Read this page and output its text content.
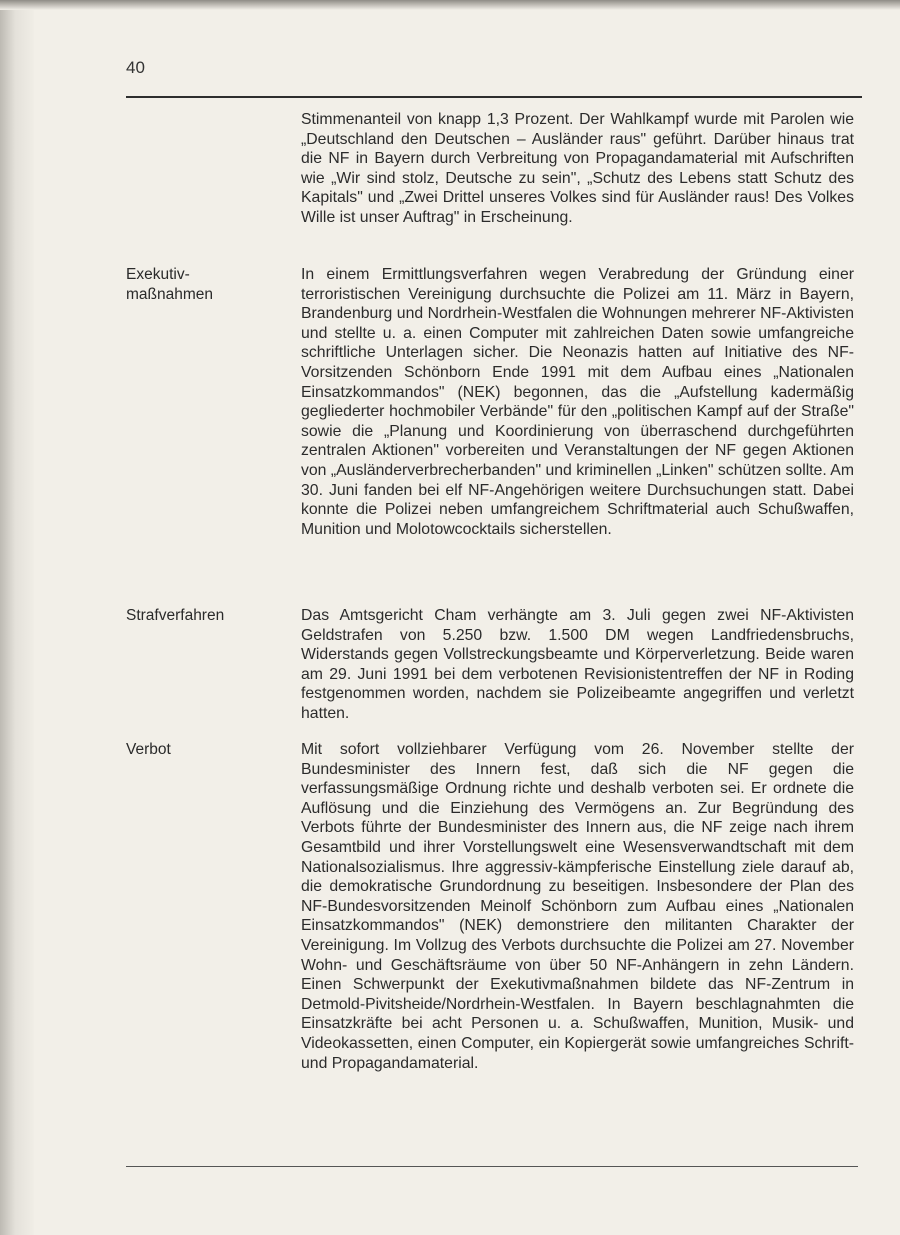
40

Stimmenanteil von knapp 1,3 Prozent. Der Wahlkampf wurde mit Parolen wie „Deutschland den Deutschen – Ausländer raus" geführt. Darüber hinaus trat die NF in Bayern durch Verbreitung von Propagandamaterial mit Aufschriften wie „Wir sind stolz, Deutsche zu sein", „Schutz des Lebens statt Schutz des Kapitals" und „Zwei Drittel unseres Volkes sind für Ausländer raus! Des Volkes Wille ist unser Auftrag" in Erscheinung.

Exekutiv-
maßnahmen

In einem Ermittlungsverfahren wegen Verabredung der Gründung einer terroristischen Vereinigung durchsuchte die Polizei am 11. März in Bayern, Brandenburg und Nordrhein-Westfalen die Wohnungen mehrerer NF-Aktivisten und stellte u. a. einen Computer mit zahlreichen Daten sowie umfangreiche schriftliche Unterlagen sicher. Die Neonazis hatten auf Initiative des NF-Vorsitzenden Schönborn Ende 1991 mit dem Aufbau eines „Nationalen Einsatzkommandos" (NEK) begonnen, das die „Aufstellung kadermäßig gegliederter hochmobiler Verbände" für den „politischen Kampf auf der Straße" sowie die „Planung und Koordinierung von überraschend durchgeführten zentralen Aktionen" vorbereiten und Veranstaltungen der NF gegen Aktionen von „Ausländerverbrecherbanden" und kriminellen „Linken" schützen sollte. Am 30. Juni fanden bei elf NF-Angehörigen weitere Durchsuchungen statt. Dabei konnte die Polizei neben umfangreichem Schriftmaterial auch Schußwaffen, Munition und Molotowcocktails sicherstellen.

Strafverfahren	Das Amtsgericht Cham verhängte am 3. Juli gegen zwei NF-Aktivisten Geldstrafen von 5.250 bzw. 1.500 DM wegen Landfriedensbruchs, Widerstands gegen Vollstreckungsbeamte und Körperverletzung. Beide waren am 29. Juni 1991 bei dem verbotenen Revisionistentreffen der NF in Roding festgenommen worden, nachdem sie Polizeibeamte angegriffen und verletzt hatten.

Verbot	Mit sofort vollziehbarer Verfügung vom 26. November stellte der Bundesminister des Innern fest, daß sich die NF gegen die verfassungsmäßige Ordnung richte und deshalb verboten sei. Er ordnete die Auflösung und die Einziehung des Vermögens an. Zur Begründung des Verbots führte der Bundesminister des Innern aus, die NF zeige nach ihrem Gesamtbild und ihrer Vorstellungswelt eine Wesensverwandtschaft mit dem Nationalsozialismus. Ihre aggressiv-kämpferische Einstellung ziele darauf ab, die demokratische Grundordnung zu beseitigen. Insbesondere der Plan des NF-Bundesvorsitzenden Meinolf Schönborn zum Aufbau eines „Nationalen Einsatzkommandos" (NEK) demonstriere den militanten Charakter der Vereinigung. Im Vollzug des Verbots durchsuchte die Polizei am 27. November Wohn- und Geschäftsräume von über 50 NF-Anhängern in zehn Ländern. Einen Schwerpunkt der Exekutivmaßnahmen bildete das NF-Zentrum in Detmold-Pivitsheide/Nordrhein-Westfalen. In Bayern beschlagnahmten die Einsatzkräfte bei acht Personen u. a. Schußwaffen, Munition, Musik- und Videokassetten, einen Computer, ein Kopiergerät sowie umfangreiches Schrift- und Propagandamaterial.
